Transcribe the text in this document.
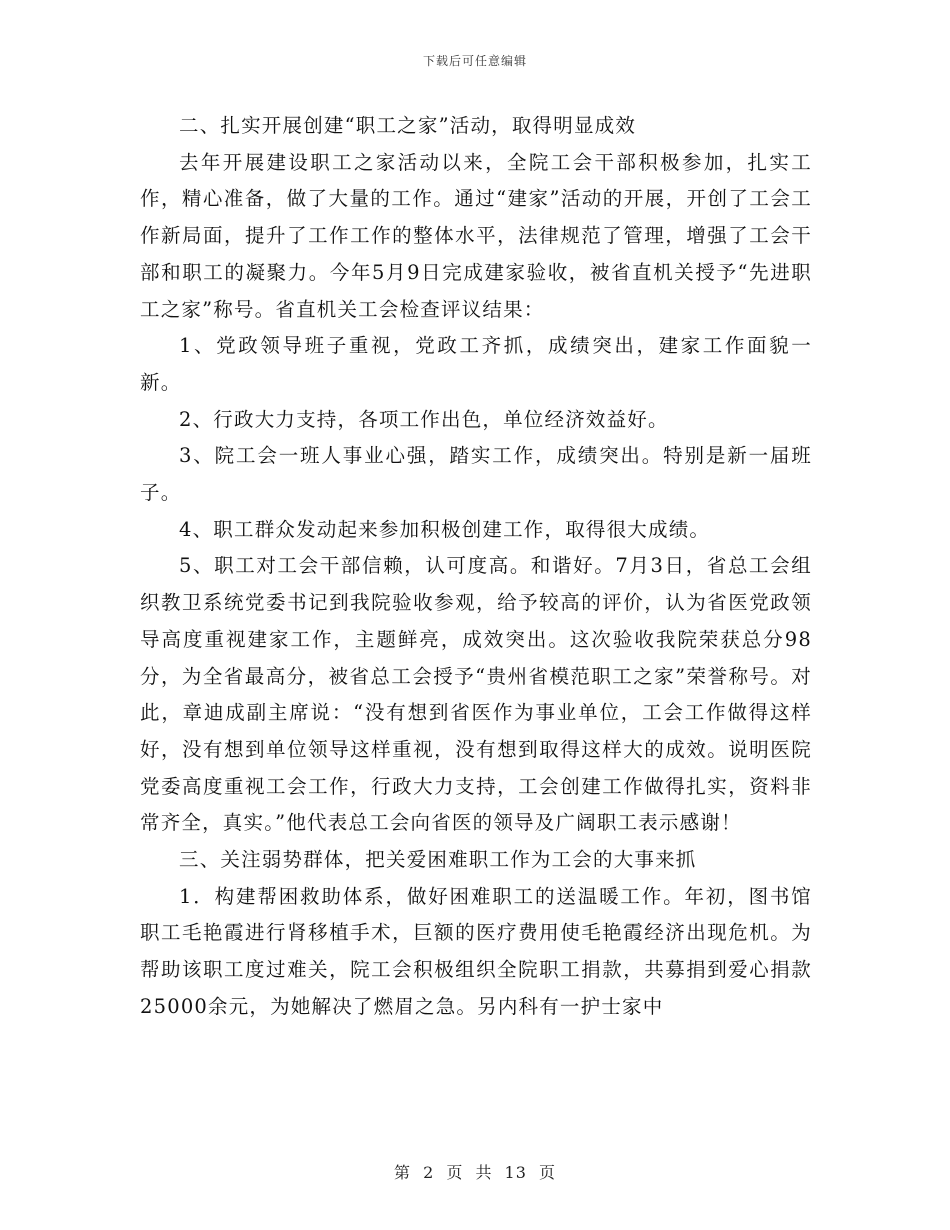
下载后可任意编辑

二、扎实开展创建“职工之家”活动，取得明显成效

去年开展建设职工之家活动以来，全院工会干部积极参加，扎实工作，精心准备，做了大量的工作。通过“建家”活动的开展，开创了工会工作新局面，提升了工作工作的整体水平，法律规范了管理，增强了工会干部和职工的凝聚力。今年5月9日完成建家验收，被省直机关授予“先进职工之家”称号。省直机关工会检查评议结果：

1、党政领导班子重视，党政工齐抓，成绩突出，建家工作面貌一新。

2、行政大力支持，各项工作出色，单位经济效益好。

3、院工会一班人事业心强，踏实工作，成绩突出。特别是新一届班子。

4、职工群众发动起来参加积极创建工作，取得很大成绩。

5、职工对工会干部信赖，认可度高。和谐好。7月3日，省总工会组织教卫系统党委书记到我院验收参观，给予较高的评价，认为省医党政领导高度重视建家工作，主题鲜亮，成效突出。这次验收我院荣获总分98分，为全省最高分，被省总工会授予“贵州省模范职工之家”荣誉称号。对此，章迪成副主席说：“没有想到省医作为事业单位，工会工作做得这样好，没有想到单位领导这样重视，没有想到取得这样大的成效。说明医院党委高度重视工会工作，行政大力支持，工会创建工作做得扎实，资料非常齐全，真实。”他代表总工会向省医的领导及广阔职工表示感谢！

三、关注弱势群体，把关爱困难职工作为工会的大事来抓

1．构建帮困救助体系，做好困难职工的送温暖工作。年初，图书馆职工毛艳霞进行肾移植手术，巨额的医疗费用使毛艳霞经济出现危机。为帮助该职工度过难关，院工会积极组织全院职工捐款，共募捐到爱心捐款25000余元，为她解决了燃眉之急。另内科有一护士家中

第 2 页 共 13 页
